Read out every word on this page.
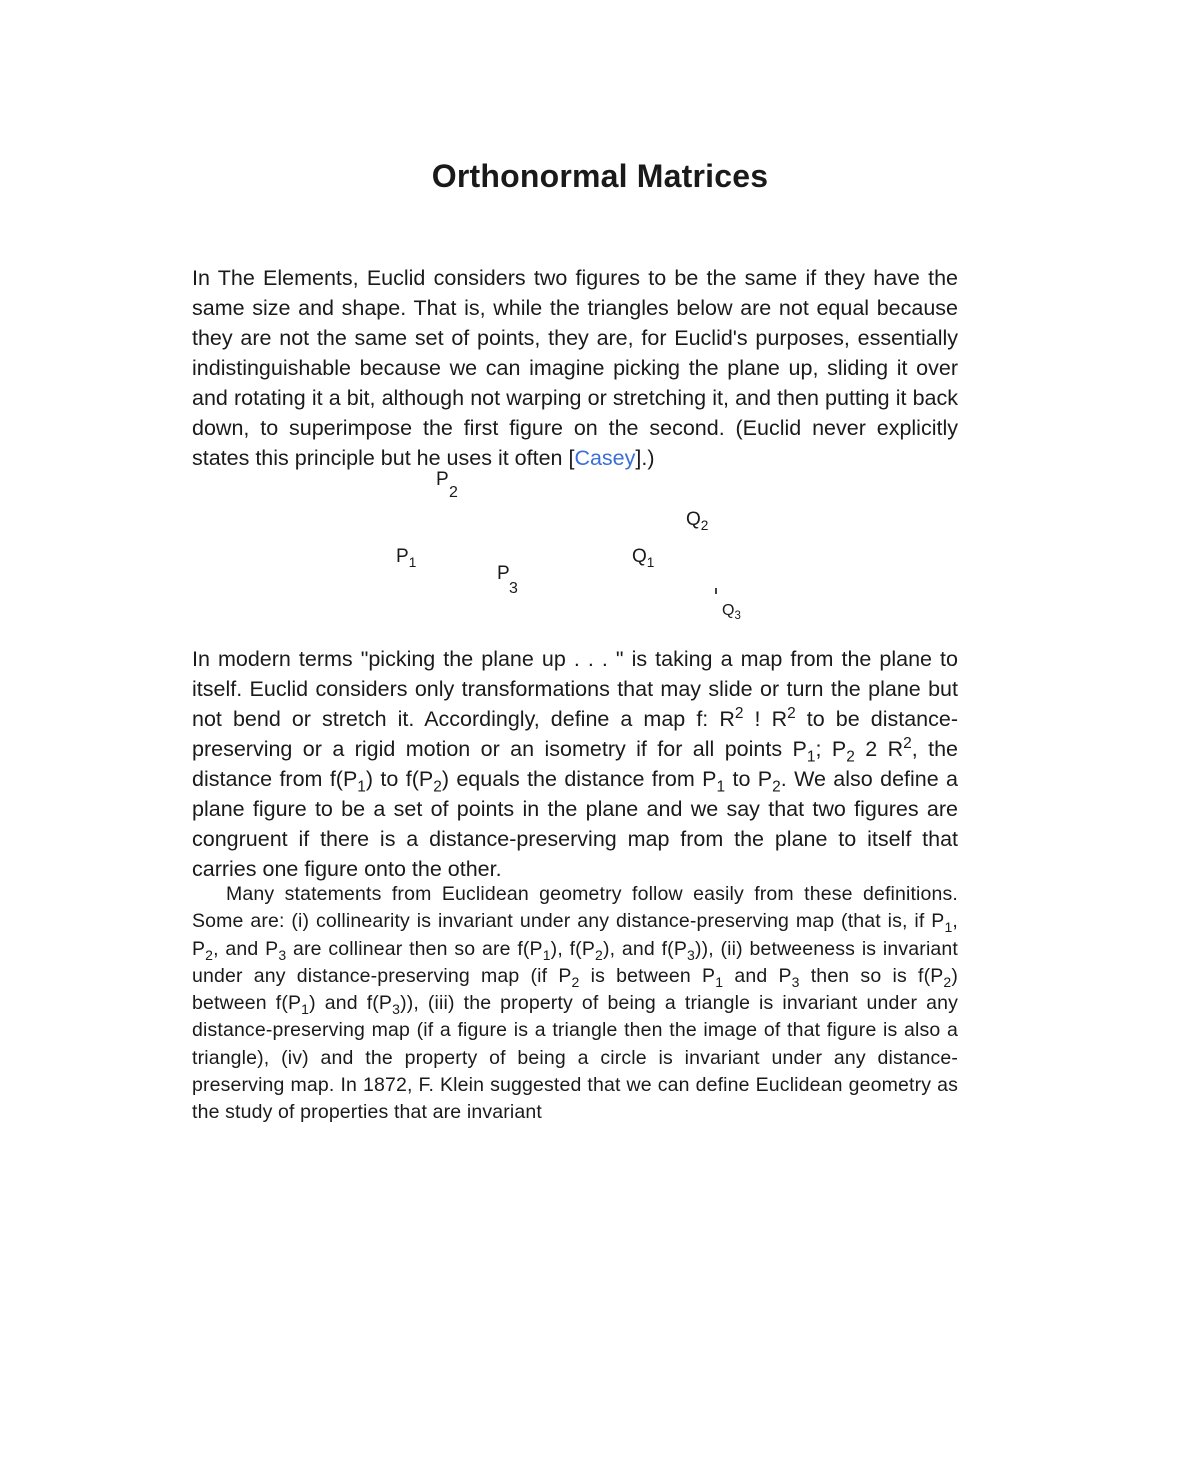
Orthonormal Matrices
In The Elements, Euclid considers two figures to be the same if they have the same size and shape. That is, while the triangles below are not equal because they are not the same set of points, they are, for Euclid's purposes, essentially indistinguishable because we can imagine picking the plane up, sliding it over and rotating it a bit, although not warping or stretching it, and then putting it back down, to superimpose the first figure on the second. (Euclid never explicitly states this principle but he uses it often [Casey].)
P
2
$Q_2$
$P_1$	$Q_1$
P
3
$Q_3$
In modern terms "picking the plane up . . . " is taking a map from the plane to itself. Euclid considers only transformations that may slide or turn the plane but not bend or stretch it. Accordingly, define a map f: $R^2$ ! $R^2$ to be distance-preserving or a rigid motion or an isometry if for all points $P_1$; $P_2$ 2 $R^2$, the distance from $f(P_1)$ to $f(P_2)$ equals the distance from $P_1$ to $P_2$. We also define a plane figure to be a set of points in the plane and we say that two figures are congruent if there is a distance-preserving map from the plane to itself that carries one figure onto the other.
Many statements from Euclidean geometry follow easily from these definitions. Some are: (i) collinearity is invariant under any distance-preserving map (that is, if $P_1$, $P_2$, and $P_3$ are collinear then so are $f(P_1)$, $f(P_2)$, and $f(P_3)$), (ii) betweeness is invariant under any distance-preserving map (if $P_2$ is between $P_1$ and $P_3$ then so is $f(P_2)$ between $f(P_1)$ and $f(P_3)$), (iii) the property of being a triangle is invariant under any distance-preserving map (if a figure is a triangle then the image of that figure is also a triangle), (iv) and the property of being a circle is invariant under any distance-preserving map. In 1872, F. Klein suggested that we can define Euclidean geometry as the study of properties that are invariant
